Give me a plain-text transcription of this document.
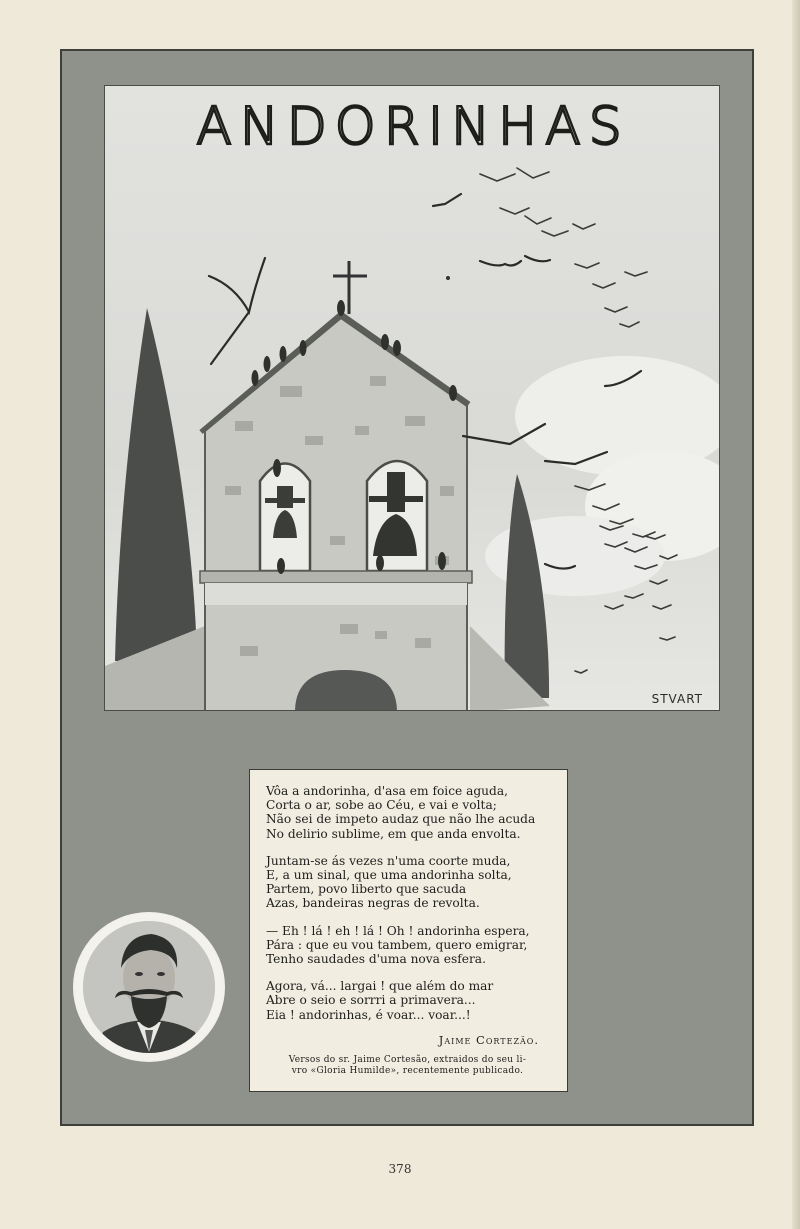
ANDORINHAS
STVART
Vôa a andorinha, d'asa em foice aguda,
Corta o ar, sobe ao Céu, e vai e volta;
Não sei de impeto audaz que não lhe acuda
No delirio sublime, em que anda envolta.
Juntam-se ás vezes n'uma coorte muda,
E, a um sinal, que uma andorinha solta,
Partem, povo liberto que sacuda
Azas, bandeiras negras de revolta.
— Eh ! lá ! eh ! lá ! Oh ! andorinha espera,
Pára : que eu vou tambem, quero emigrar,
Tenho saudades d'uma nova esfera.
Agora, vá... largai ! que além do mar
Abre o seio e sorrri a primavera...
Eia ! andorinhas, é voar... voar...!
Jaime Cortezão.
Versos do sr. Jaime Cortesão, extraidos do seu li-
vro «Gloria Humilde», recentemente publicado.
378
